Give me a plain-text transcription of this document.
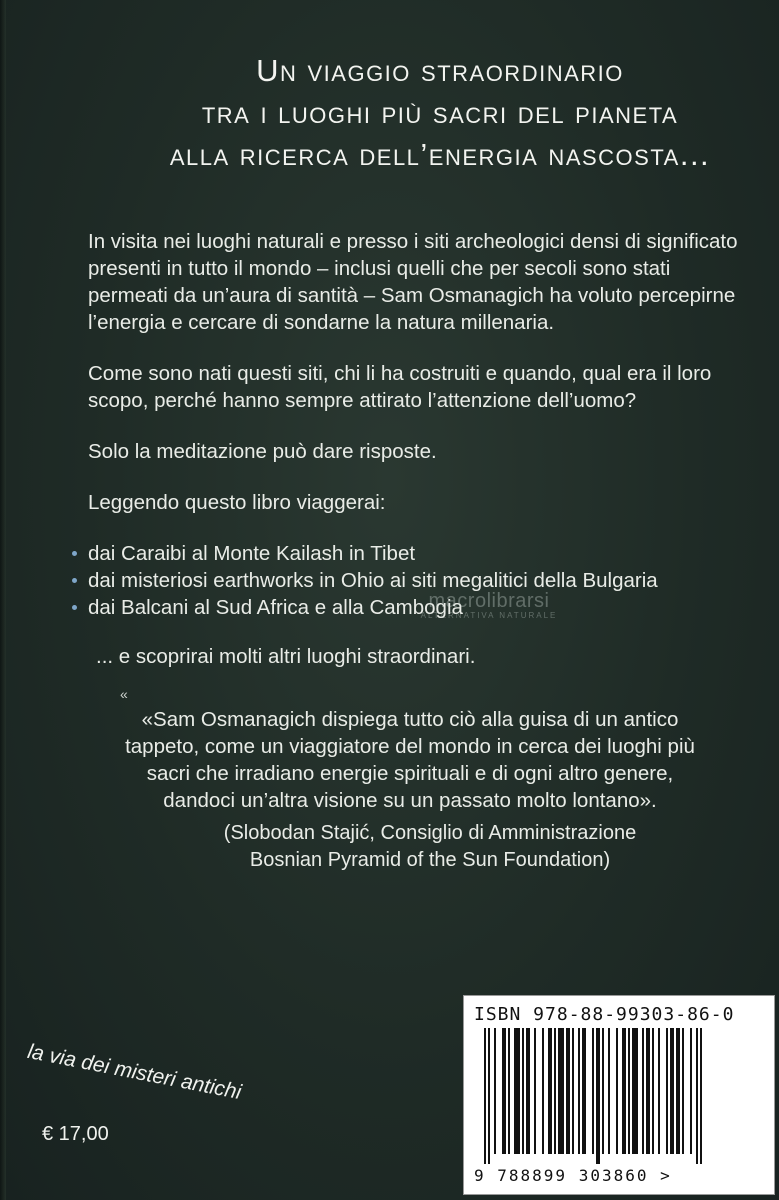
Un viaggio straordinario
tra i luoghi più sacri del pianeta
alla ricerca dell’energia nascosta...

In visita nei luoghi naturali e presso i siti archeologici densi di significato presenti in tutto il mondo – inclusi quelli che per secoli sono stati permeati da un’aura di santità – Sam Osmanagich ha voluto percepirne l’energia e cercare di sondarne la natura millenaria.

Come sono nati questi siti, chi li ha costruiti e quando, qual era il loro scopo, perché hanno sempre attirato l’attenzione dell’uomo?

Solo la meditazione può dare risposte.

Leggendo questo libro viaggerai:

dai Caraibi al Monte Kailash in Tibet
dai misteriosi earthworks in Ohio ai siti megalitici della Bulgaria
dai Balcani al Sud Africa e alla Cambogia

... e scoprirai molti altri luoghi straordinari.

«
«Sam Osmanagich dispiega tutto ciò alla guisa di un antico tappeto, come un viaggiatore del mondo in cerca dei luoghi più sacri che irradiano energie spirituali e di ogni altro genere, dandoci un’altra visione su un passato molto lontano».
(Slobodan Stajić, Consiglio di Amministrazione
Bosnian Pyramid of the Sun Foundation)
macrolibrarsi
ALTERNATIVA NATURALE
la via dei misteri antichi
€ 17,00
ISBN 978-88-99303-86-0
9 788899 303860 >
